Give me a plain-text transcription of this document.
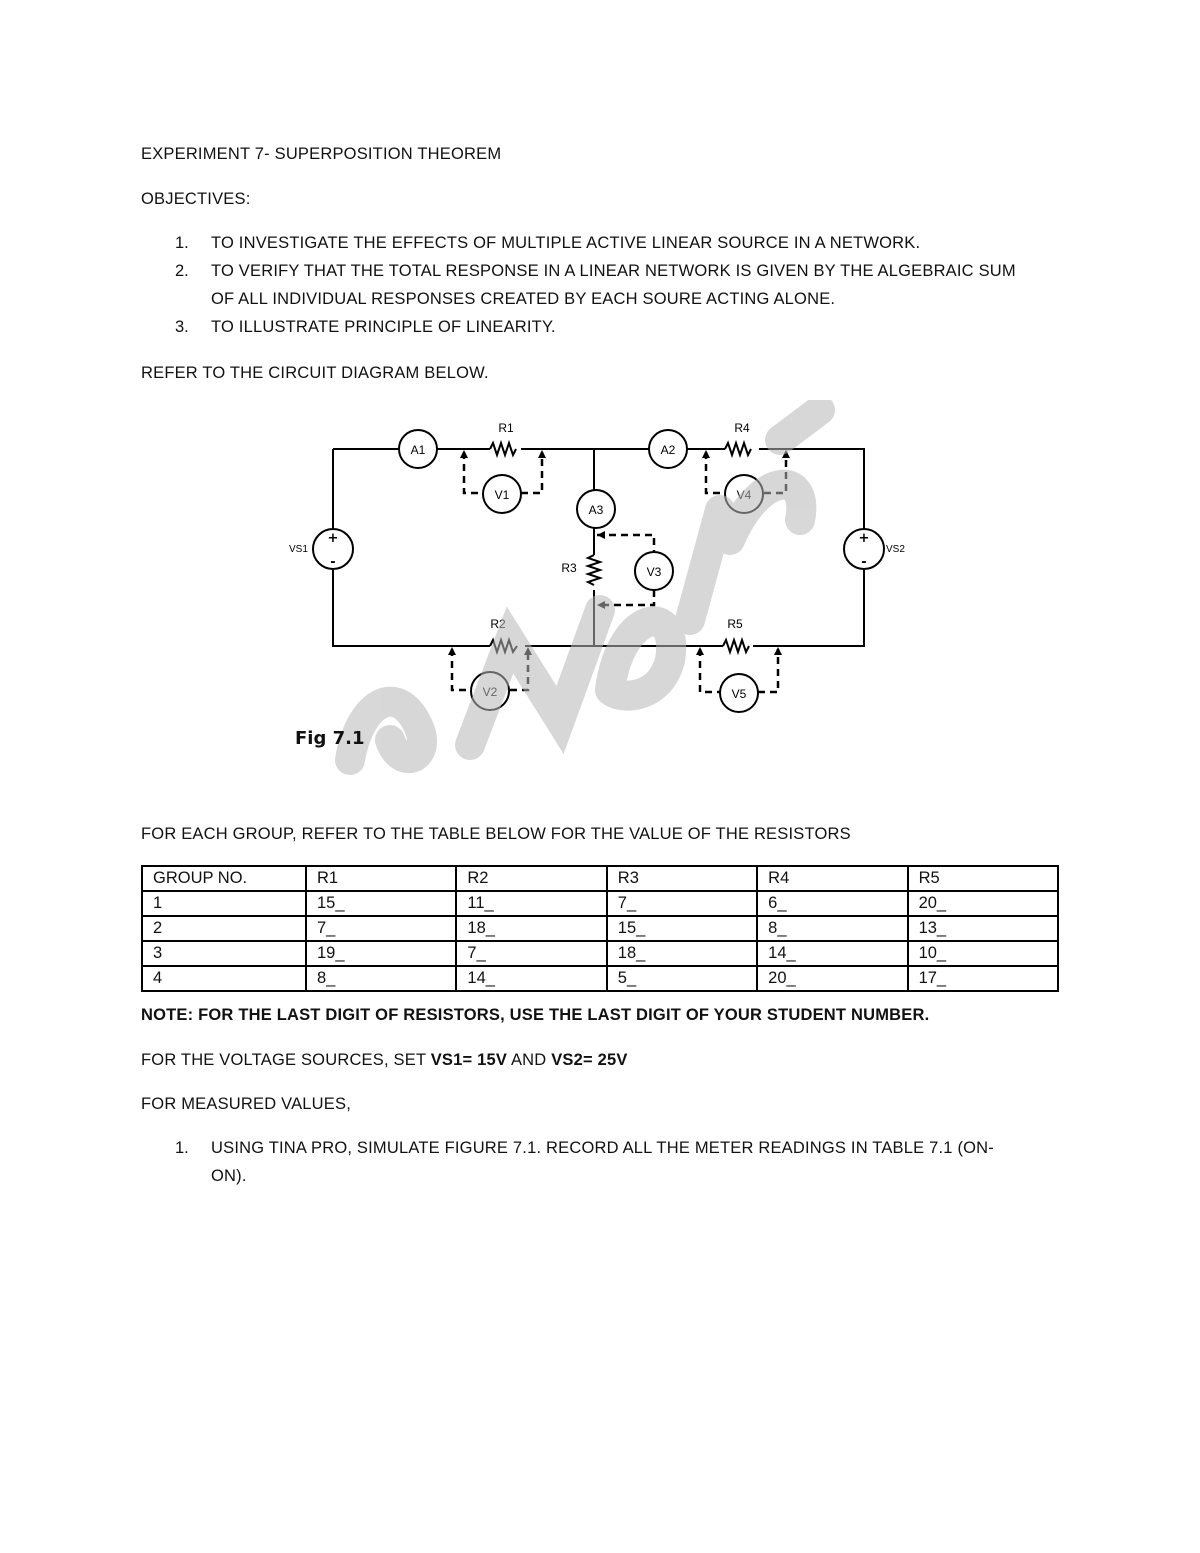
EXPERIMENT 7- SUPERPOSITION THEOREM
OBJECTIVES:
1. TO INVESTIGATE THE EFFECTS OF MULTIPLE ACTIVE LINEAR SOURCE IN A NETWORK.
2. TO VERIFY THAT THE TOTAL RESPONSE IN A LINEAR NETWORK IS GIVEN BY THE ALGEBRAIC SUM
OF ALL INDIVIDUAL RESPONSES CREATED BY EACH SOURE ACTING ALONE.
3. TO ILLUSTRATE PRINCIPLE OF LINEARITY.
REFER TO THE CIRCUIT DIAGRAM BELOW.
+
-
+
-
A1	A2
A3
V1	V4
V3
V2	V5
R1	R4
R2	R5
R3
VS1	VS2
Fig 7.1
FOR EACH GROUP, REFER TO THE TABLE BELOW FOR THE VALUE OF THE RESISTORS
GROUP NO.	R1	R2	R3	R4	R5
1	15_	11_	7_	6_	20_
2	7_	18_	15_	8_	13_
3	19_	7_	18_	14_	10_
4	8_	14_	5_	20_	17_
NOTE: FOR THE LAST DIGIT OF RESISTORS, USE THE LAST DIGIT OF YOUR STUDENT NUMBER.
FOR THE VOLTAGE SOURCES, SET VS1= 15V AND VS2= 25V
FOR MEASURED VALUES,
1. USING TINA PRO, SIMULATE FIGURE 7.1. RECORD ALL THE METER READINGS IN TABLE 7.1 (ON-
ON).
